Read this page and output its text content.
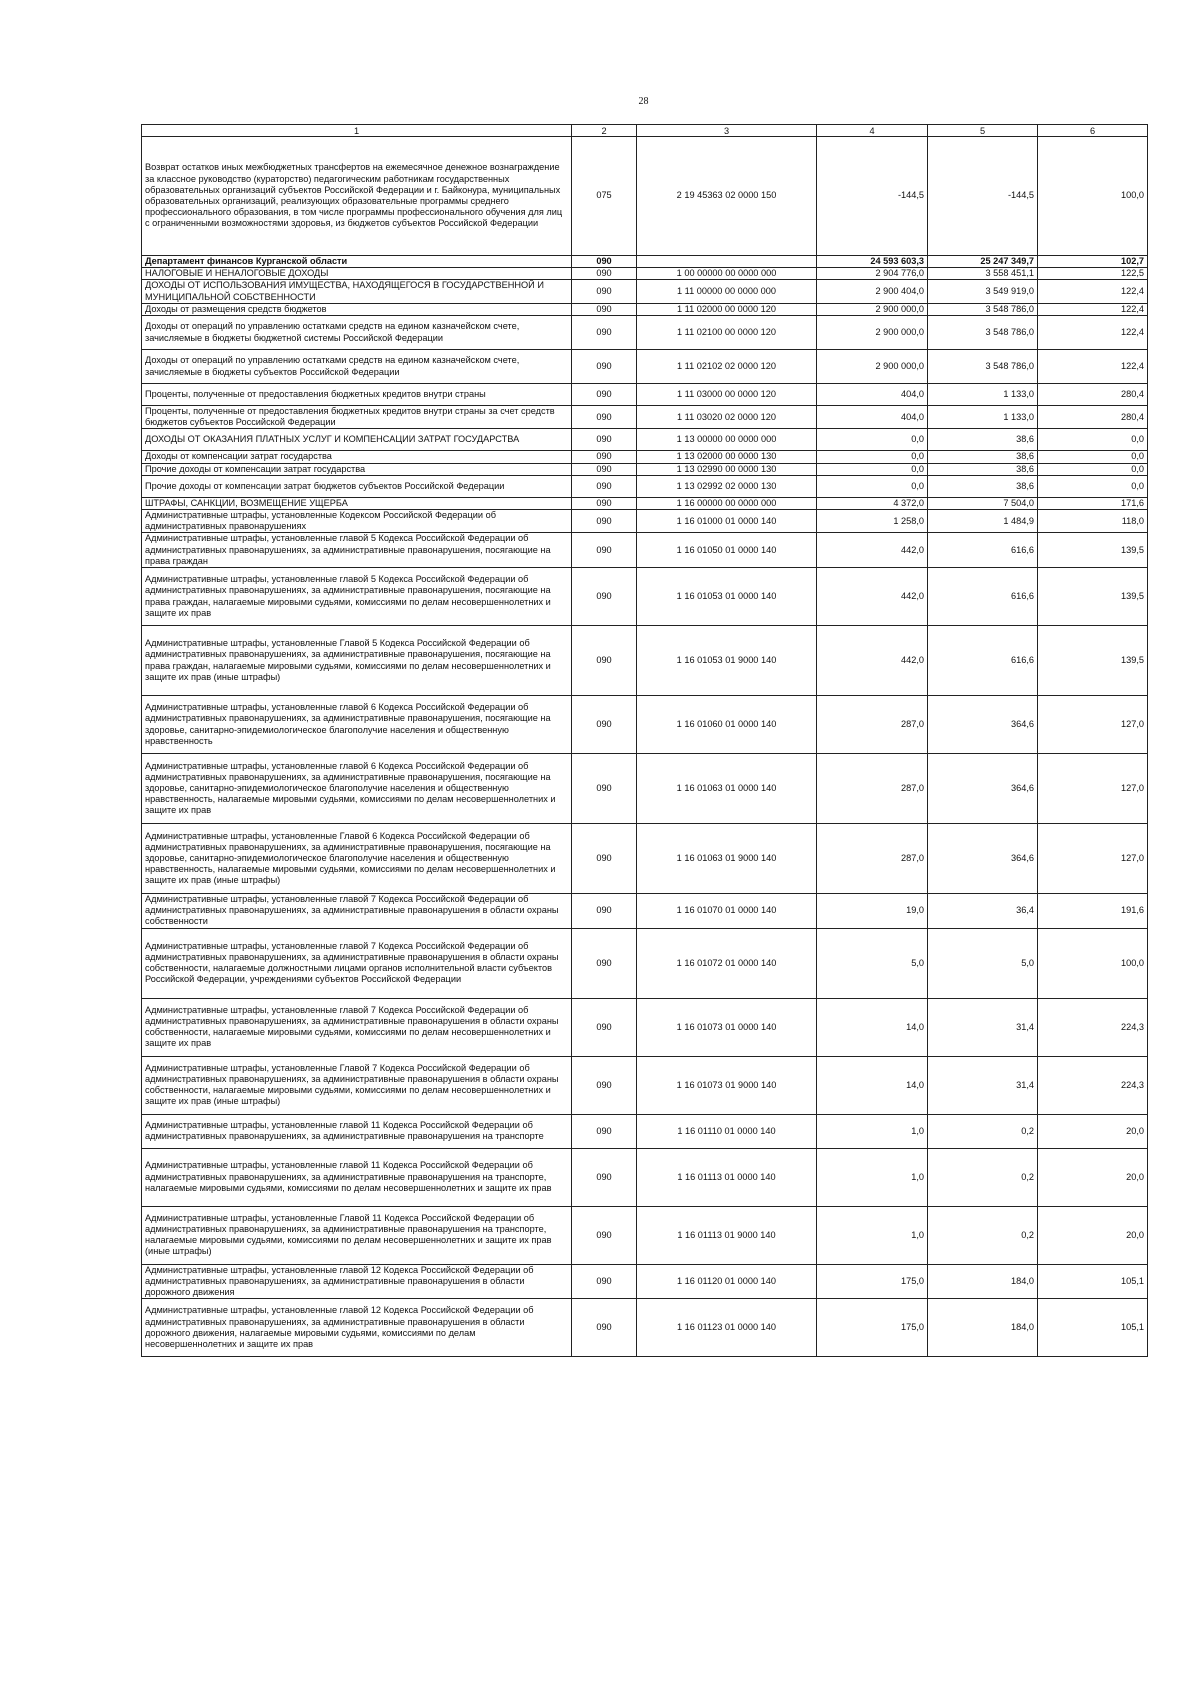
28
1	2	3	4	5	6
Возврат остатков иных межбюджетных трансфертов на ежемесячное денежное вознаграждение за классное руководство (кураторство) педагогическим работникам государственных образовательных организаций субъектов Российской Федерации и г. Байконура, муниципальных образовательных организаций, реализующих образовательные программы среднего профессионального образования, в том числе программы профессионального обучения для лиц с ограниченными возможностями здоровья, из бюджетов субъектов Российской Федерации	075	2 19 45363 02 0000 150	-144,5	-144,5	100,0
Департамент финансов Курганской области	090		24 593 603,3	25 247 349,7	102,7
НАЛОГОВЫЕ И НЕНАЛОГОВЫЕ ДОХОДЫ	090	1 00 00000 00 0000 000	2 904 776,0	3 558 451,1	122,5
ДОХОДЫ ОТ ИСПОЛЬЗОВАНИЯ ИМУЩЕСТВА, НАХОДЯЩЕГОСЯ В ГОСУДАРСТВЕННОЙ И МУНИЦИПАЛЬНОЙ СОБСТВЕННОСТИ	090	1 11 00000 00 0000 000	2 900 404,0	3 549 919,0	122,4
Доходы от размещения средств бюджетов	090	1 11 02000 00 0000 120	2 900 000,0	3 548 786,0	122,4
Доходы от операций по управлению остатками средств на едином казначейском счете, зачисляемые в бюджеты бюджетной системы Российской Федерации	090	1 11 02100 00 0000 120	2 900 000,0	3 548 786,0	122,4
Доходы от операций по управлению остатками средств на едином казначейском счете, зачисляемые в бюджеты субъектов Российской Федерации	090	1 11 02102 02 0000 120	2 900 000,0	3 548 786,0	122,4
Проценты, полученные от предоставления бюджетных кредитов внутри страны	090	1 11 03000 00 0000 120	404,0	1 133,0	280,4
Проценты, полученные от предоставления бюджетных кредитов внутри страны за счет средств бюджетов субъектов Российской Федерации	090	1 11 03020 02 0000 120	404,0	1 133,0	280,4
ДОХОДЫ ОТ ОКАЗАНИЯ ПЛАТНЫХ УСЛУГ И КОМПЕНСАЦИИ ЗАТРАТ ГОСУДАРСТВА	090	1 13 00000 00 0000 000	0,0	38,6	0,0
Доходы от компенсации затрат государства	090	1 13 02000 00 0000 130	0,0	38,6	0,0
Прочие доходы от компенсации затрат государства	090	1 13 02990 00 0000 130	0,0	38,6	0,0
Прочие доходы от компенсации затрат бюджетов субъектов Российской Федерации	090	1 13 02992 02 0000 130	0,0	38,6	0,0
ШТРАФЫ, САНКЦИИ, ВОЗМЕЩЕНИЕ УЩЕРБА	090	1 16 00000 00 0000 000	4 372,0	7 504,0	171,6
Административные штрафы, установленные Кодексом Российской Федерации об административных правонарушениях	090	1 16 01000 01 0000 140	1 258,0	1 484,9	118,0
Административные штрафы, установленные главой 5 Кодекса Российской Федерации об административных правонарушениях, за административные правонарушения, посягающие на права граждан	090	1 16 01050 01 0000 140	442,0	616,6	139,5
Административные штрафы, установленные главой 5 Кодекса Российской Федерации об административных правонарушениях, за административные правонарушения, посягающие на права граждан, налагаемые мировыми судьями, комиссиями по делам несовершеннолетних и защите их прав	090	1 16 01053 01 0000 140	442,0	616,6	139,5
Административные штрафы, установленные Главой 5 Кодекса Российской Федерации об административных правонарушениях, за административные правонарушения, посягающие на права граждан, налагаемые мировыми судьями, комиссиями по делам несовершеннолетних и защите их прав (иные штрафы)	090	1 16 01053 01 9000 140	442,0	616,6	139,5
Административные штрафы, установленные главой 6 Кодекса Российской Федерации об административных правонарушениях, за административные правонарушения, посягающие на здоровье, санитарно-эпидемиологическое благополучие населения и общественную нравственность	090	1 16 01060 01 0000 140	287,0	364,6	127,0
Административные штрафы, установленные главой 6 Кодекса Российской Федерации об административных правонарушениях, за административные правонарушения, посягающие на здоровье, санитарно-эпидемиологическое благополучие населения и общественную нравственность, налагаемые мировыми судьями, комиссиями по делам несовершеннолетних и защите их прав	090	1 16 01063 01 0000 140	287,0	364,6	127,0
Административные штрафы, установленные Главой 6 Кодекса Российской Федерации об административных правонарушениях, за административные правонарушения, посягающие на здоровье, санитарно-эпидемиологическое благополучие населения и общественную нравственность, налагаемые мировыми судьями, комиссиями по делам несовершеннолетних и защите их прав (иные штрафы)	090	1 16 01063 01 9000 140	287,0	364,6	127,0
Административные штрафы, установленные главой 7 Кодекса Российской Федерации об административных правонарушениях, за административные правонарушения в области охраны собственности	090	1 16 01070 01 0000 140	19,0	36,4	191,6
Административные штрафы, установленные главой 7 Кодекса Российской Федерации об административных правонарушениях, за административные правонарушения в области охраны собственности, налагаемые должностными лицами органов исполнительной власти субъектов Российской Федерации, учреждениями субъектов Российской Федерации	090	1 16 01072 01 0000 140	5,0	5,0	100,0
Административные штрафы, установленные главой 7 Кодекса Российской Федерации об административных правонарушениях, за административные правонарушения в области охраны собственности, налагаемые мировыми судьями, комиссиями по делам несовершеннолетних и защите их прав	090	1 16 01073 01 0000 140	14,0	31,4	224,3
Административные штрафы, установленные Главой 7 Кодекса Российской Федерации об административных правонарушениях, за административные правонарушения в области охраны собственности, налагаемые мировыми судьями, комиссиями по делам несовершеннолетних и защите их прав (иные штрафы)	090	1 16 01073 01 9000 140	14,0	31,4	224,3
Административные штрафы, установленные главой 11 Кодекса Российской Федерации об административных правонарушениях, за административные правонарушения на транспорте	090	1 16 01110 01 0000 140	1,0	0,2	20,0
Административные штрафы, установленные главой 11 Кодекса Российской Федерации об административных правонарушениях, за административные правонарушения на транспорте, налагаемые мировыми судьями, комиссиями по делам несовершеннолетних и защите их прав	090	1 16 01113 01 0000 140	1,0	0,2	20,0
Административные штрафы, установленные Главой 11 Кодекса Российской Федерации об административных правонарушениях, за административные правонарушения на транспорте, налагаемые мировыми судьями, комиссиями по делам несовершеннолетних и защите их прав (иные штрафы)	090	1 16 01113 01 9000 140	1,0	0,2	20,0
Административные штрафы, установленные главой 12 Кодекса Российской Федерации об административных правонарушениях, за административные правонарушения в области дорожного движения	090	1 16 01120 01 0000 140	175,0	184,0	105,1
Административные штрафы, установленные главой 12 Кодекса Российской Федерации об административных правонарушениях, за административные правонарушения в области дорожного движения, налагаемые мировыми судьями, комиссиями по делам несовершеннолетних и защите их прав	090	1 16 01123 01 0000 140	175,0	184,0	105,1
